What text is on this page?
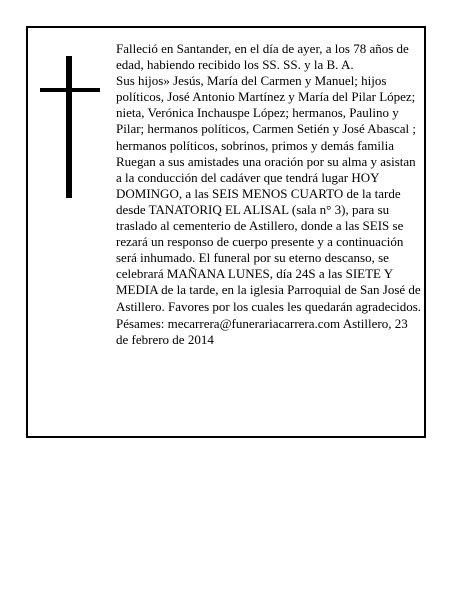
Falleció en Santander, en el día de ayer, a los 78 años de edad, habiendo recibido los SS. SS. y la B. A.

Sus hijos» Jesús, María del Carmen y Manuel; hijos políticos, José Antonio Martínez y María del Pilar López; nieta, Verónica Inchauspe López; hermanos, Paulino y Pilar; hermanos políticos, Carmen Setién y José Abascal ; hermanos políticos, sobrinos, primos y demás familia

Ruegan a sus amistades una oración por su alma y asistan a la conducción del cadáver que tendrá lugar HOY DOMINGO, a las SEIS MENOS CUARTO de la tarde desde TANATORIQ EL ALISAL (sala n° 3), para su traslado al cementerio de Astillero, donde a las SEIS se rezará un responso de cuerpo presente y a continuación será inhumado. El funeral por su eterno descanso, se celebrará MAÑANA LUNES, día 24S a las SIETE Y MEDIA de la tarde, en la iglesia Parroquial de San José de Astillero. Favores por los cuales les quedarán agradecidos.

Pésames: mecarrera@funerariacarrera.com Astillero, 23 de febrero de 2014
